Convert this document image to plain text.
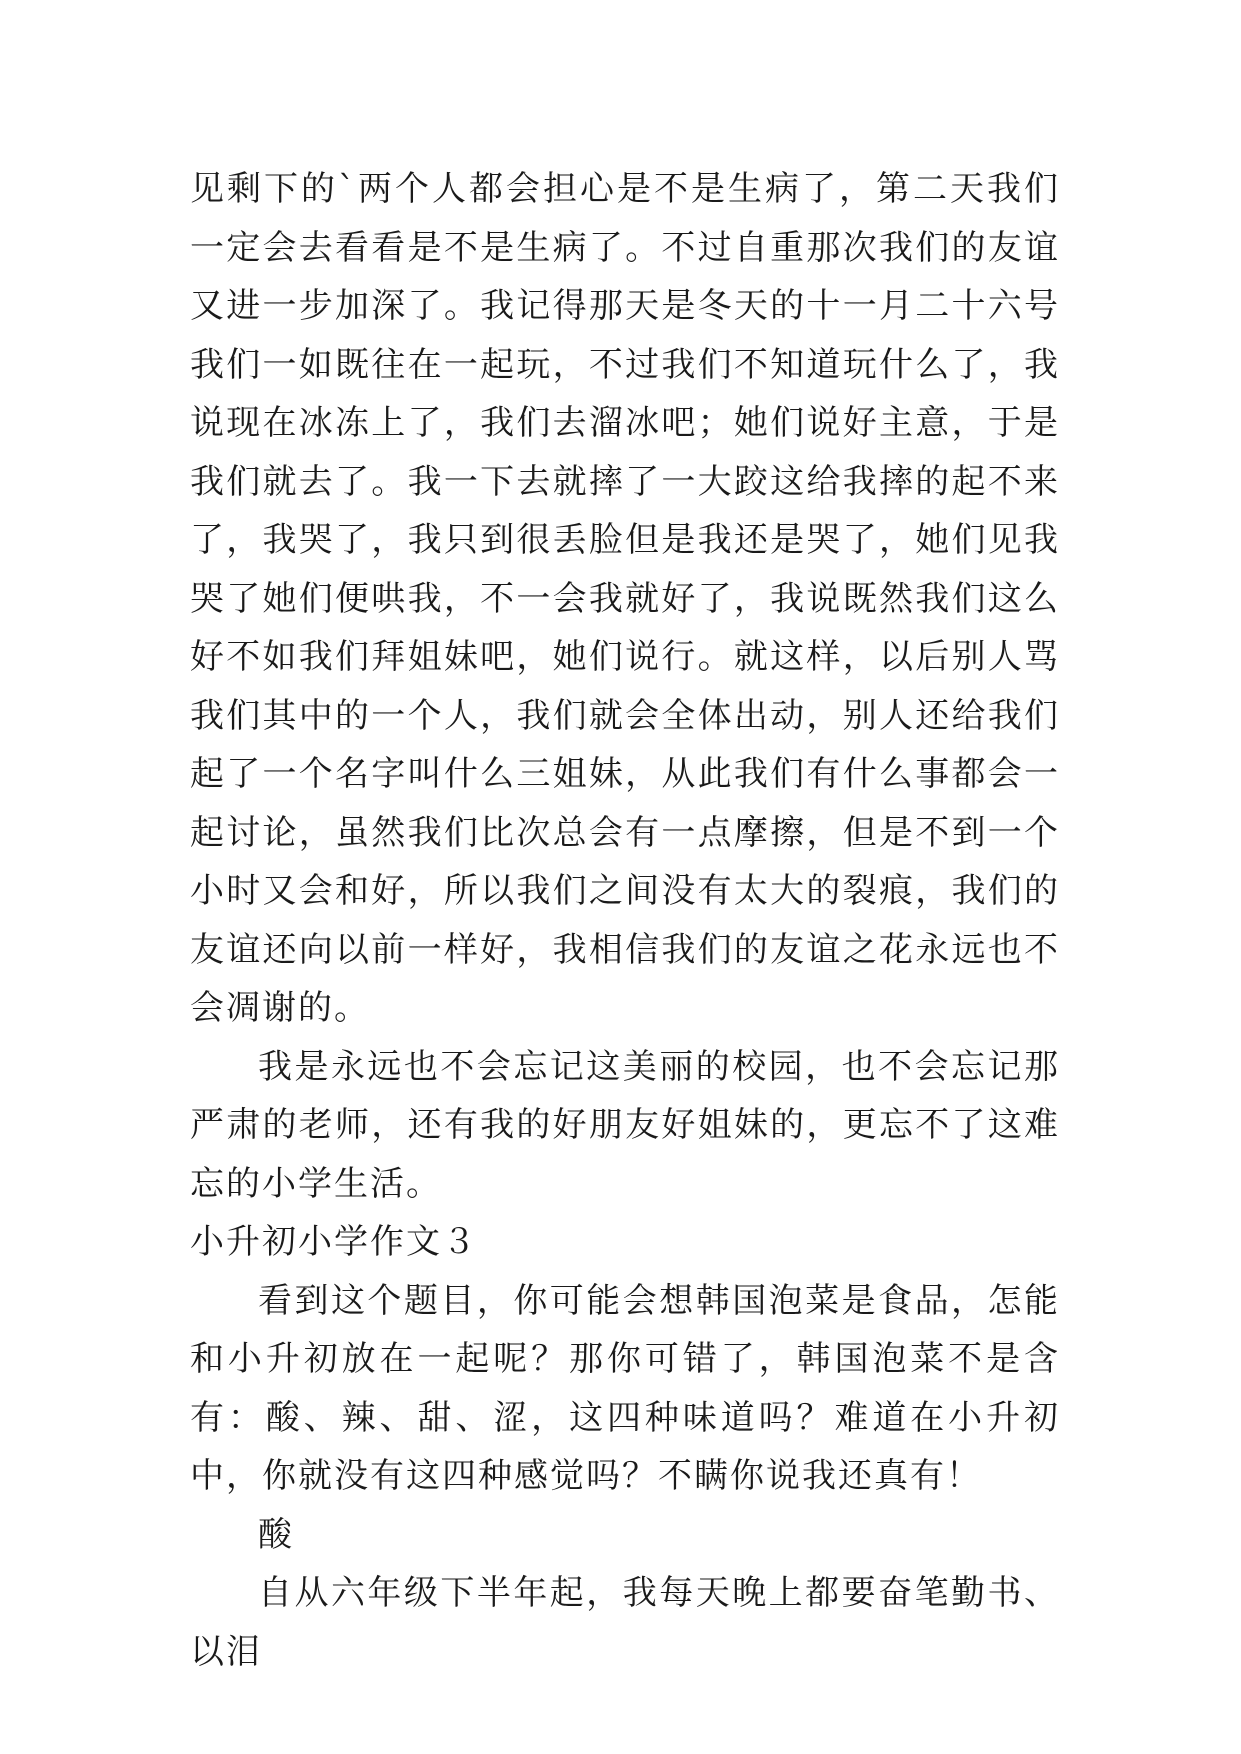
见剩下的`两个人都会担心是不是生病了，第二天我们一定会去看看是不是生病了。不过自重那次我们的友谊又进一步加深了。我记得那天是冬天的十一月二十六号我们一如既往在一起玩，不过我们不知道玩什么了，我说现在冰冻上了，我们去溜冰吧；她们说好主意，于是我们就去了。我一下去就摔了一大跤这给我摔的起不来了，我哭了，我只到很丢脸但是我还是哭了，她们见我哭了她们便哄我，不一会我就好了，我说既然我们这么好不如我们拜姐妹吧，她们说行。就这样，以后别人骂我们其中的一个人，我们就会全体出动，别人还给我们起了一个名字叫什么三姐妹，从此我们有什么事都会一起讨论，虽然我们比次总会有一点摩擦，但是不到一个小时又会和好，所以我们之间没有太大的裂痕，我们的友谊还向以前一样好，我相信我们的友谊之花永远也不会凋谢的。

我是永远也不会忘记这美丽的校园，也不会忘记那严肃的老师，还有我的好朋友好姐妹的，更忘不了这难忘的小学生活。

小升初小学作文３

看到这个题目，你可能会想韩国泡菜是食品，怎能和小升初放在一起呢？那你可错了，韩国泡菜不是含有：酸、辣、甜、涩，这四种味道吗？难道在小升初中，你就没有这四种感觉吗？不瞒你说我还真有！

酸

自从六年级下半年起，我每天晚上都要奋笔勤书、以泪
